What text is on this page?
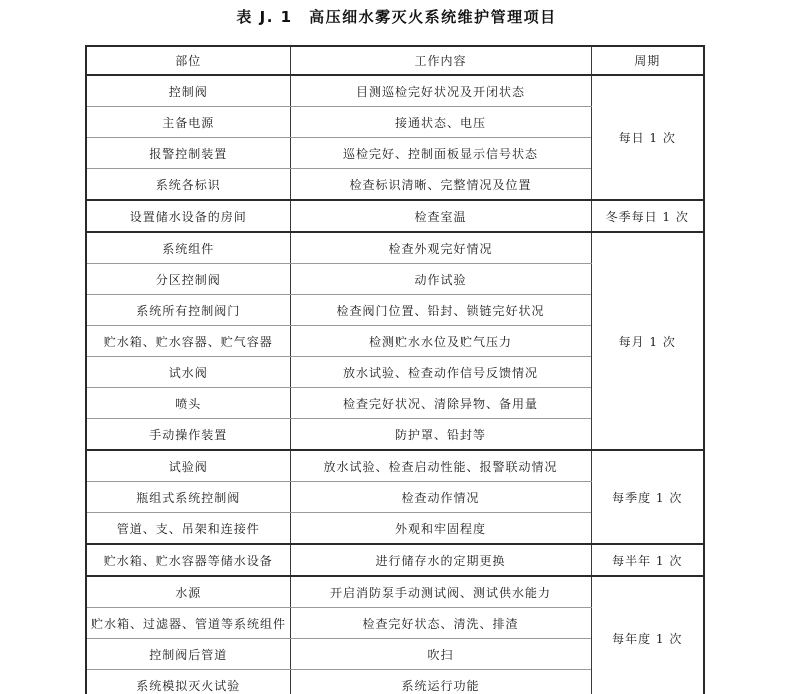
表 J. 1　高压细水雾灭火系统维护管理项目
部位	工作内容	周期
控制阀	目测巡检完好状况及开闭状态	每日 1 次
主备电源	接通状态、电压	
报警控制装置	巡检完好、控制面板显示信号状态	
系统各标识	检查标识清晰、完整情况及位置	
设置储水设备的房间	检查室温	冬季每日 1 次
系统组件	检查外观完好情况	每月 1 次
分区控制阀	动作试验	
系统所有控制阀门	检查阀门位置、铅封、锁链完好状况	
贮水箱、贮水容器、贮气容器	检测贮水水位及贮气压力	
试水阀	放水试验、检查动作信号反馈情况	
喷头	检查完好状况、清除异物、备用量	
手动操作装置	防护罩、铅封等	
试验阀	放水试验、检查启动性能、报警联动情况	每季度 1 次
瓶组式系统控制阀	检查动作情况	
管道、支、吊架和连接件	外观和牢固程度	
贮水箱、贮水容器等储水设备	进行储存水的定期更换	每半年 1 次
水源	开启消防泵手动测试阀、测试供水能力	每年度 1 次
贮水箱、过滤器、管道等系统组件	检查完好状态、清洗、排渣	
控制阀后管道	吹扫	
系统模拟灭火试验	系统运行功能	
